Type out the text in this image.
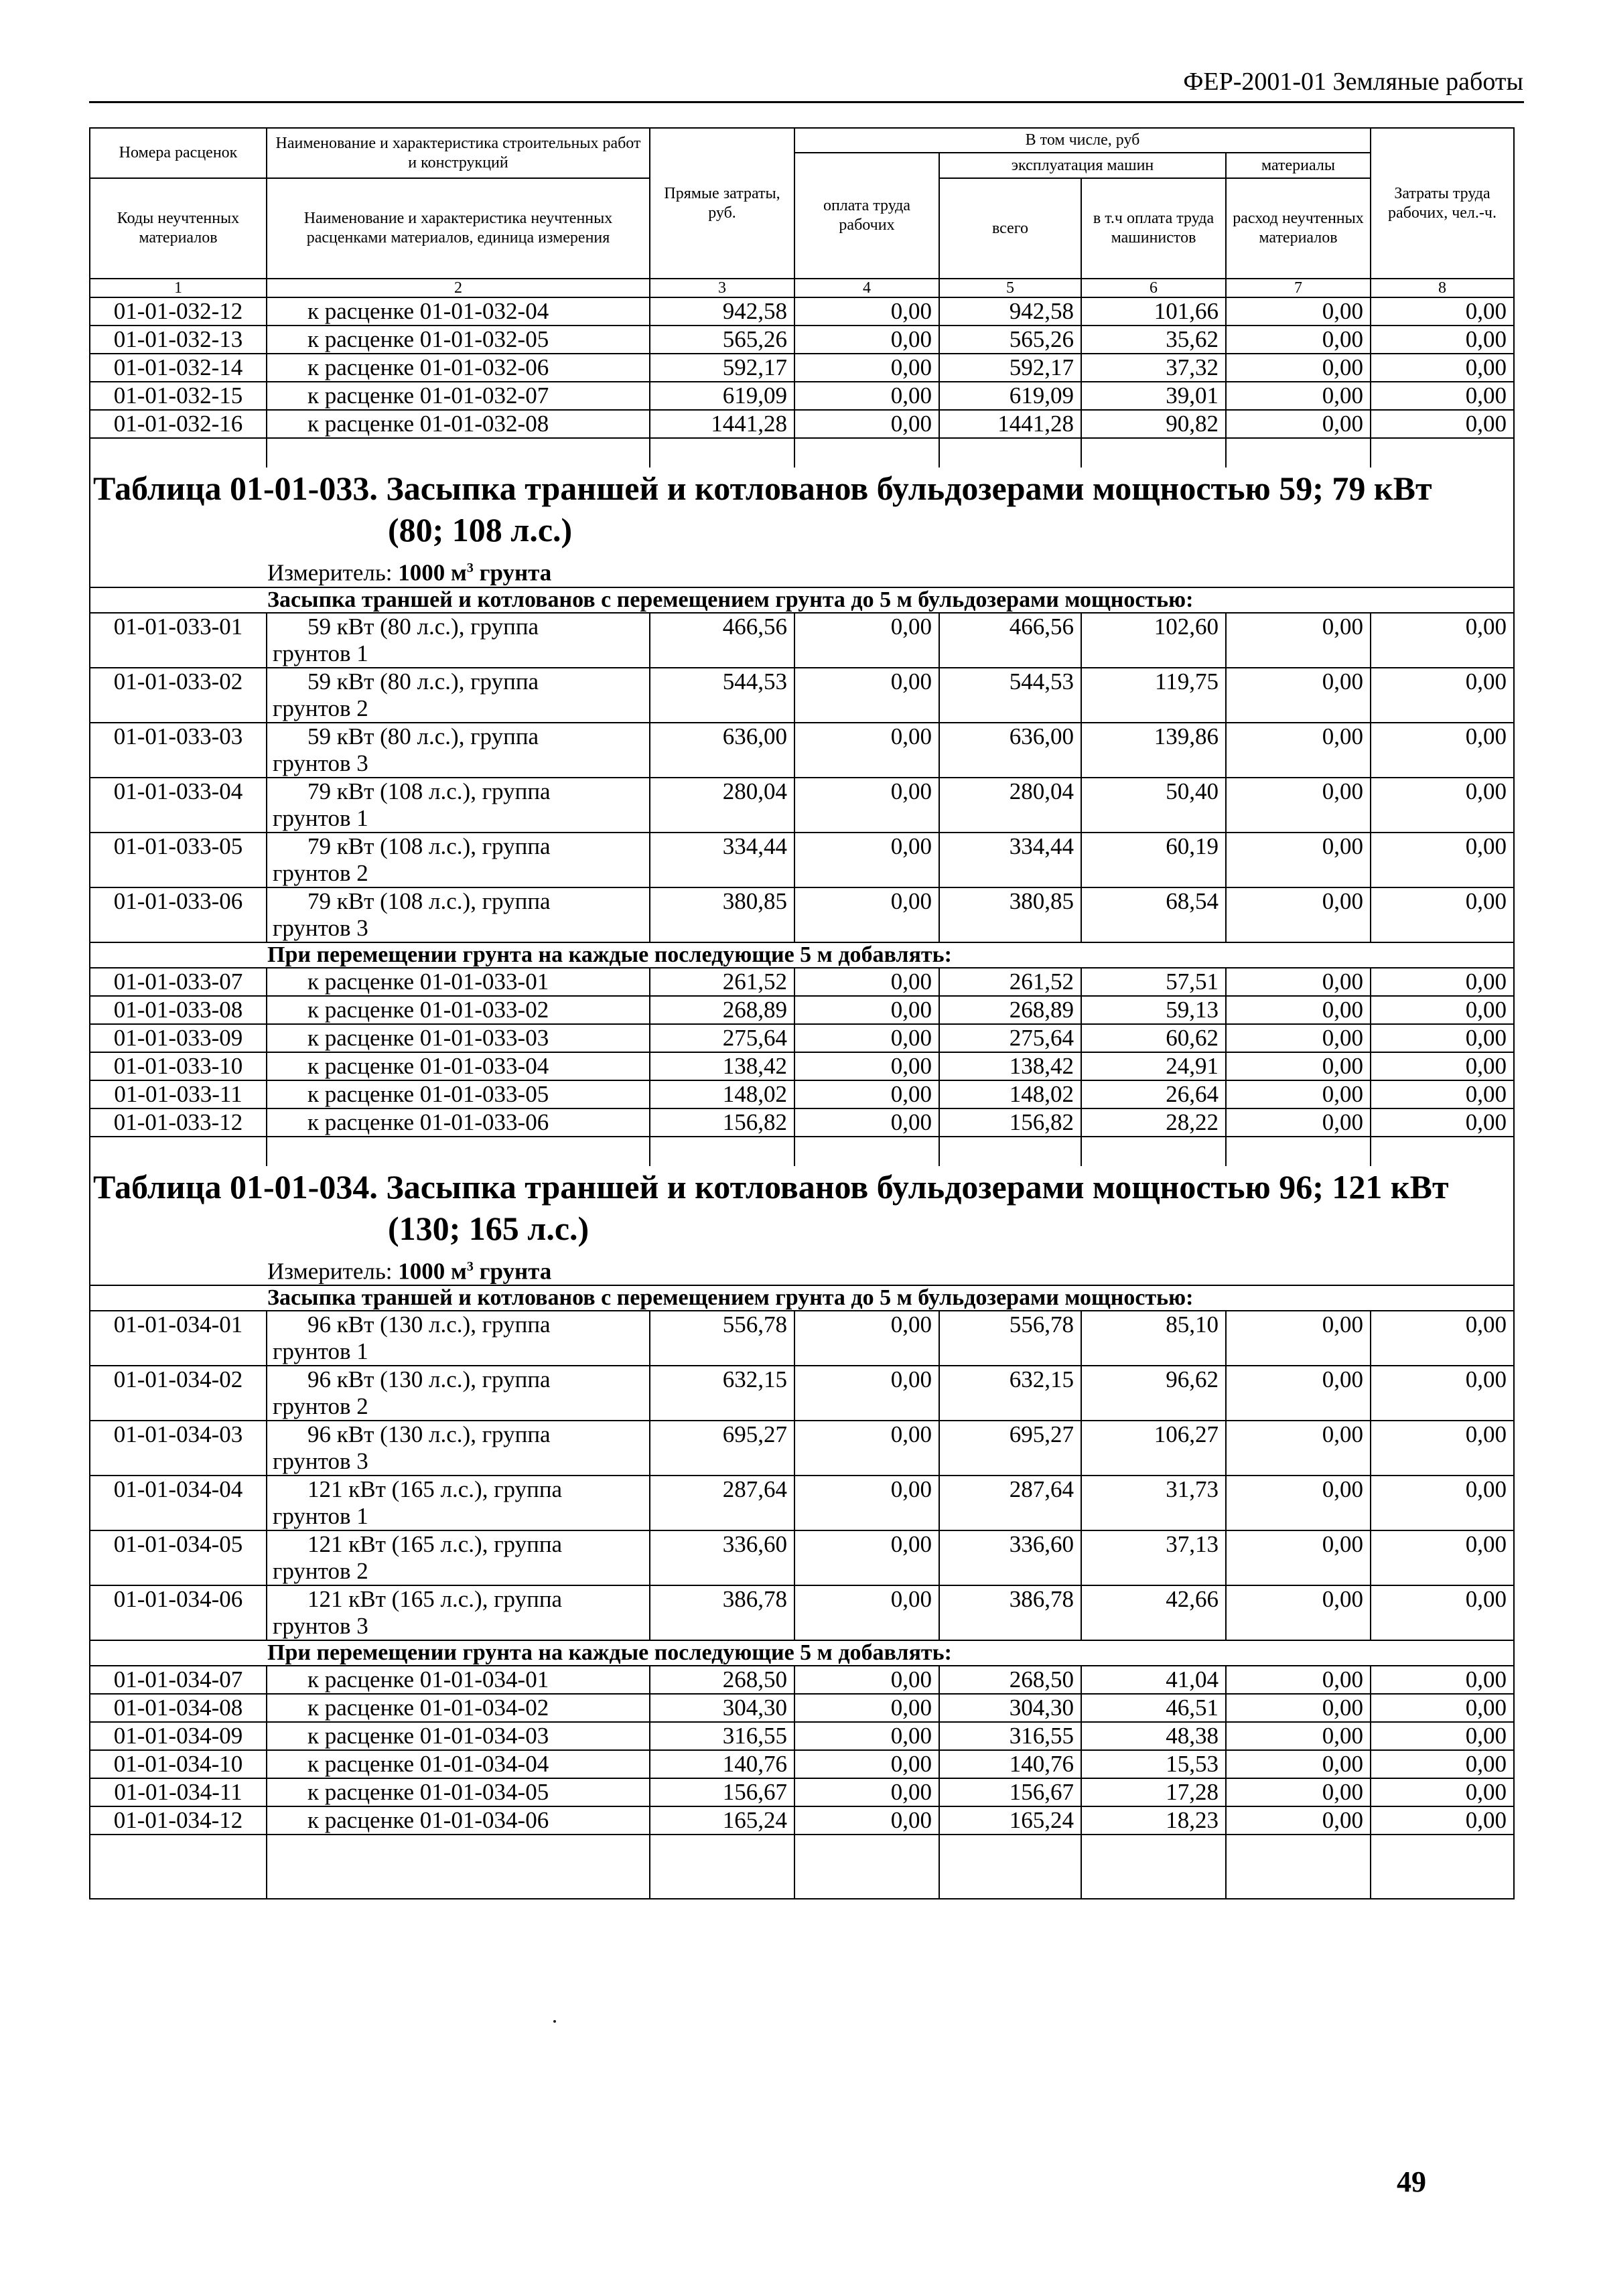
ФЕР-2001-01 Земляные работы
Номера расценок	Наименование и характеристика строительных работ и конструкций	Прямые затраты, руб.	В том числе, руб				Затраты труда рабочих, чел.-ч.
			оплата труда рабочих	эксплуатация машин		материалы	
Коды неучтенных материалов	Наименование и характеристика неучтенных расценками материалов, единица измерения			всего	в т.ч оплата труда машинистов	расход неучтенных материалов	
1	2	3	4	5	6	7	8
01-01-032-12	к расценке 01-01-032-04	942,58	0,00	942,58	101,66	0,00	0,00
01-01-032-13	к расценке 01-01-032-05	565,26	0,00	565,26	35,62	0,00	0,00
01-01-032-14	к расценке 01-01-032-06	592,17	0,00	592,17	37,32	0,00	0,00
01-01-032-15	к расценке 01-01-032-07	619,09	0,00	619,09	39,01	0,00	0,00
01-01-032-16	к расценке 01-01-032-08	1441,28	0,00	1441,28	90,82	0,00	0,00

Таблица 01-01-033. Засыпка траншей и котлованов бульдозерами мощностью 59; 79 кВт
(80; 108 л.с.)							

Измеритель: 1000 $м^3$ грунта							
Засыпка траншей и котлованов с перемещением грунта до 5 м бульдозерами мощностью:							
01-01-033-01	59 кВт (80 л.с.), группа
грунтов 1	466,56	0,00	466,56	102,60	0,00	0,00
01-01-033-02	59 кВт (80 л.с.), группа
грунтов 2	544,53	0,00	544,53	119,75	0,00	0,00
01-01-033-03	59 кВт (80 л.с.), группа
грунтов 3	636,00	0,00	636,00	139,86	0,00	0,00
01-01-033-04	79 кВт (108 л.с.), группа
грунтов 1	280,04	0,00	280,04	50,40	0,00	0,00
01-01-033-05	79 кВт (108 л.с.), группа
грунтов 2	334,44	0,00	334,44	60,19	0,00	0,00
01-01-033-06	79 кВт (108 л.с.), группа
грунтов 3	380,85	0,00	380,85	68,54	0,00	0,00
При перемещении грунта на каждые последующие 5 м добавлять:							
01-01-033-07	к расценке 01-01-033-01	261,52	0,00	261,52	57,51	0,00	0,00
01-01-033-08	к расценке 01-01-033-02	268,89	0,00	268,89	59,13	0,00	0,00
01-01-033-09	к расценке 01-01-033-03	275,64	0,00	275,64	60,62	0,00	0,00
01-01-033-10	к расценке 01-01-033-04	138,42	0,00	138,42	24,91	0,00	0,00
01-01-033-11	к расценке 01-01-033-05	148,02	0,00	148,02	26,64	0,00	0,00
01-01-033-12	к расценке 01-01-033-06	156,82	0,00	156,82	28,22	0,00	0,00

Таблица 01-01-034. Засыпка траншей и котлованов бульдозерами мощностью 96; 121 кВт
(130; 165 л.с.)							

Измеритель: 1000 $м^3$ грунта							
Засыпка траншей и котлованов с перемещением грунта до 5 м бульдозерами мощностью:							
01-01-034-01	96 кВт (130 л.с.), группа
грунтов 1	556,78	0,00	556,78	85,10	0,00	0,00
01-01-034-02	96 кВт (130 л.с.), группа
грунтов 2	632,15	0,00	632,15	96,62	0,00	0,00
01-01-034-03	96 кВт (130 л.с.), группа
грунтов 3	695,27	0,00	695,27	106,27	0,00	0,00
01-01-034-04	121 кВт (165 л.с.), группа
грунтов 1	287,64	0,00	287,64	31,73	0,00	0,00
01-01-034-05	121 кВт (165 л.с.), группа
грунтов 2	336,60	0,00	336,60	37,13	0,00	0,00
01-01-034-06	121 кВт (165 л.с.), группа
грунтов 3	386,78	0,00	386,78	42,66	0,00	0,00
При перемещении грунта на каждые последующие 5 м добавлять:							
01-01-034-07	к расценке 01-01-034-01	268,50	0,00	268,50	41,04	0,00	0,00
01-01-034-08	к расценке 01-01-034-02	304,30	0,00	304,30	46,51	0,00	0,00
01-01-034-09	к расценке 01-01-034-03	316,55	0,00	316,55	48,38	0,00	0,00
01-01-034-10	к расценке 01-01-034-04	140,76	0,00	140,76	15,53	0,00	0,00
01-01-034-11	к расценке 01-01-034-05	156,67	0,00	156,67	17,28	0,00	0,00
01-01-034-12	к расценке 01-01-034-06	165,24	0,00	165,24	18,23	0,00	0,00

49
